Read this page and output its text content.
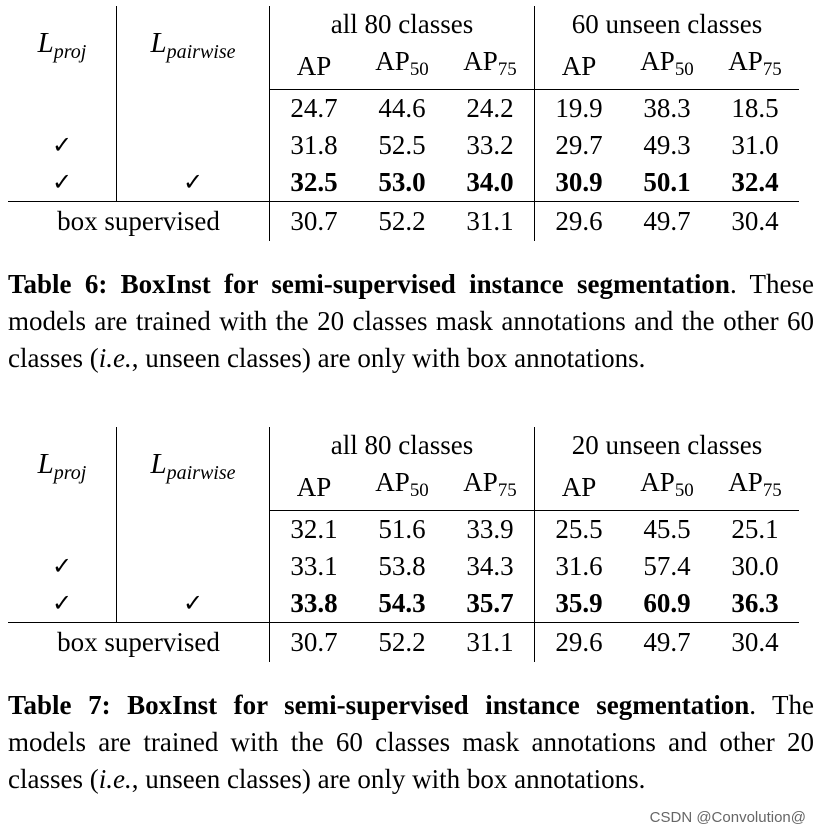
$L_{proj}$	$L_{pairwise}$	all 80 classes			60 unseen classes		
		AP	$AP_{50}$	$AP_{75}$	AP	$AP_{50}$	$AP_{75}$
		24.7	44.6	24.2	19.9	38.3	18.5
✓		31.8	52.5	33.2	29.7	49.3	31.0
✓	✓	32.5	53.0	34.0	30.9	50.1	32.4
box supervised		30.7	52.2	31.1	29.6	49.7	30.4

Table 6: BoxInst for semi-supervised instance segmentation. These models are trained with the 20 classes mask annotations and the other 60 classes (i.e., unseen classes) are only with box annotations.

$L_{proj}$	$L_{pairwise}$	all 80 classes			20 unseen classes		
		AP	$AP_{50}$	$AP_{75}$	AP	$AP_{50}$	$AP_{75}$
		32.1	51.6	33.9	25.5	45.5	25.1
✓		33.1	53.8	34.3	31.6	57.4	30.0
✓	✓	33.8	54.3	35.7	35.9	60.9	36.3
box supervised		30.7	52.2	31.1	29.6	49.7	30.4

Table 7: BoxInst for semi-supervised instance segmentation. The models are trained with the 60 classes mask annotations and other 20 classes (i.e., unseen classes) are only with box annotations.

CSDN @Convolution@
